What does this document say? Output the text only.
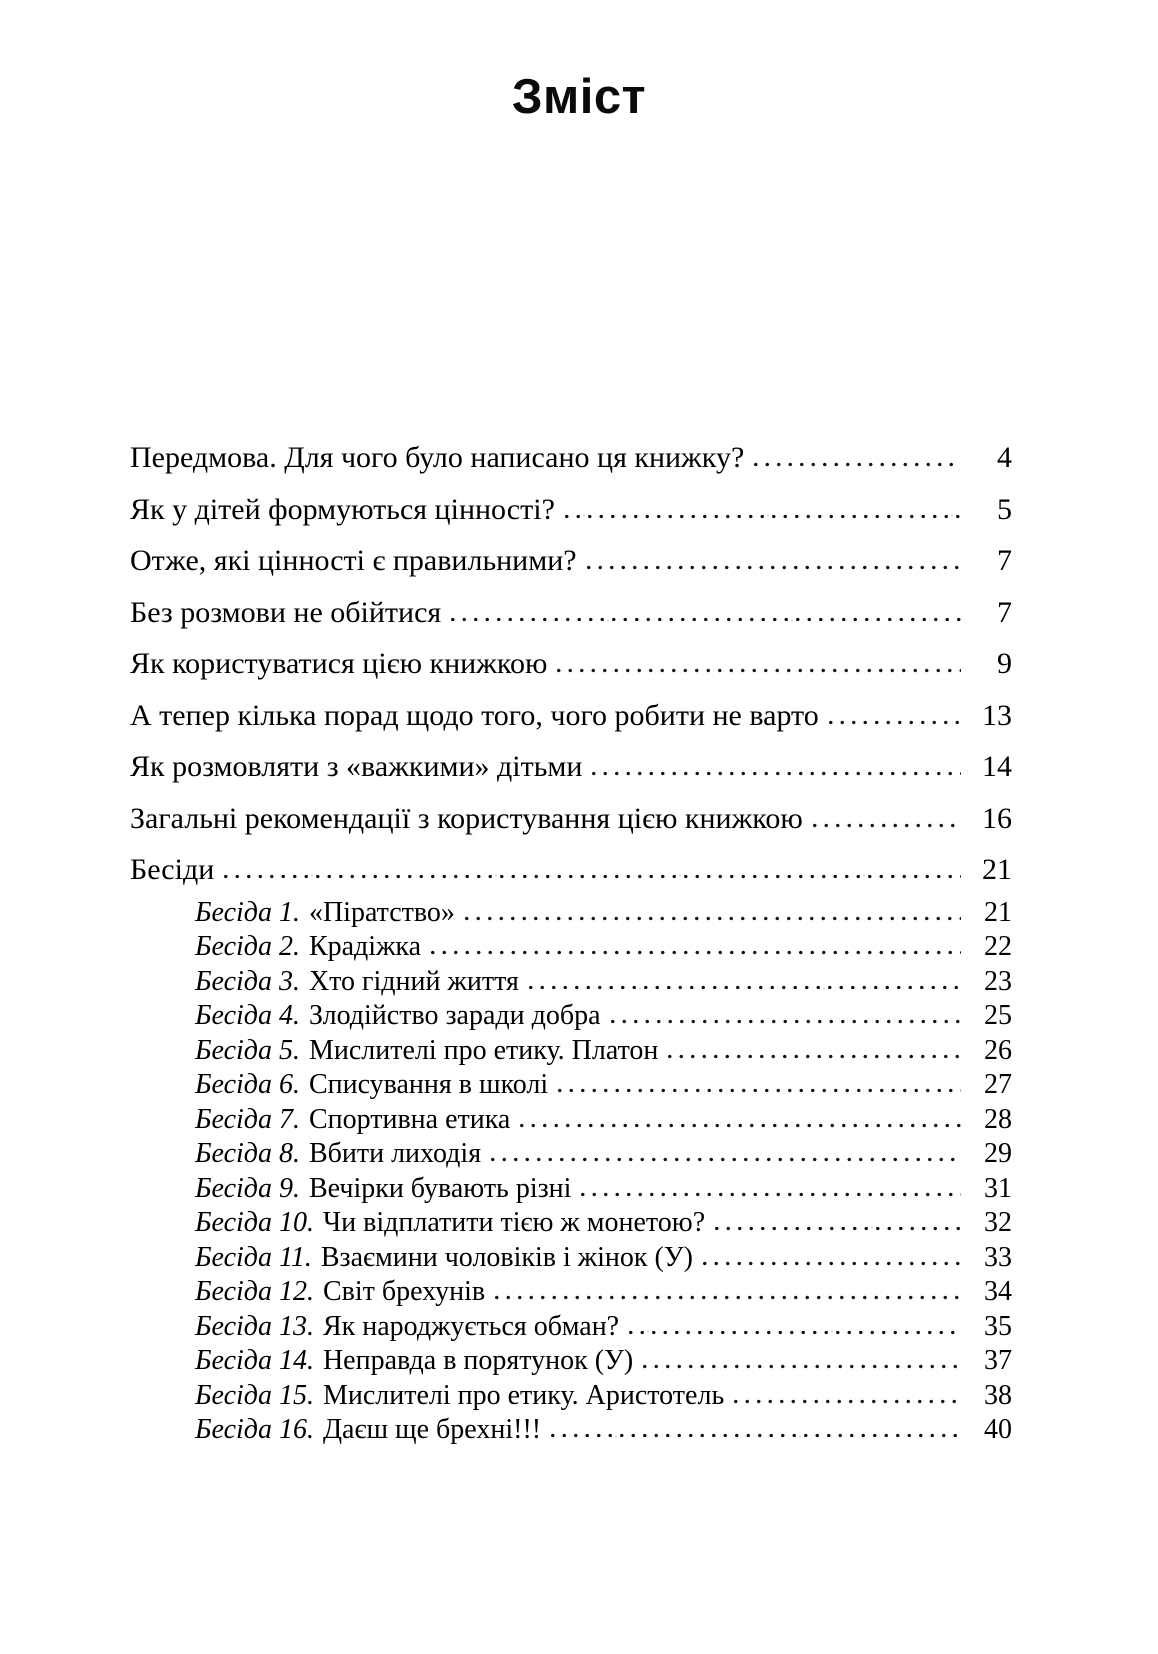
Зміст
Передмова. Для чого було написано ця книжку?	4
Як у дітей формуються цінності?	5
Отже, які цінності є правильними?	7
Без розмови не обійтися	7
Як користуватися цією книжкою	9
А тепер кілька порад щодо того, чого робити не варто	13
Як розмовляти з «важкими» дітьми	14
Загальні рекомендації з користування цією книжкою	16
Бесіди	21
Бесіда 1. «Піратство»	21
Бесіда 2. Крадіжка	22
Бесіда 3. Хто гідний життя	23
Бесіда 4. Злодійство заради добра	25
Бесіда 5. Мислителі про етику. Платон	26
Бесіда 6. Списування в школі	27
Бесіда 7. Спортивна етика	28
Бесіда 8. Вбити лиходія	29
Бесіда 9. Вечірки бувають різні	31
Бесіда 10. Чи відплатити тією ж монетою?	32
Бесіда 11. Взаємини чоловіків і жінок (У)	33
Бесіда 12. Світ брехунів	34
Бесіда 13. Як народжується обман?	35
Бесіда 14. Неправда в порятунок (У)	37
Бесіда 15. Мислителі про етику. Аристотель	38
Бесіда 16. Даєш ще брехні!!!	40
